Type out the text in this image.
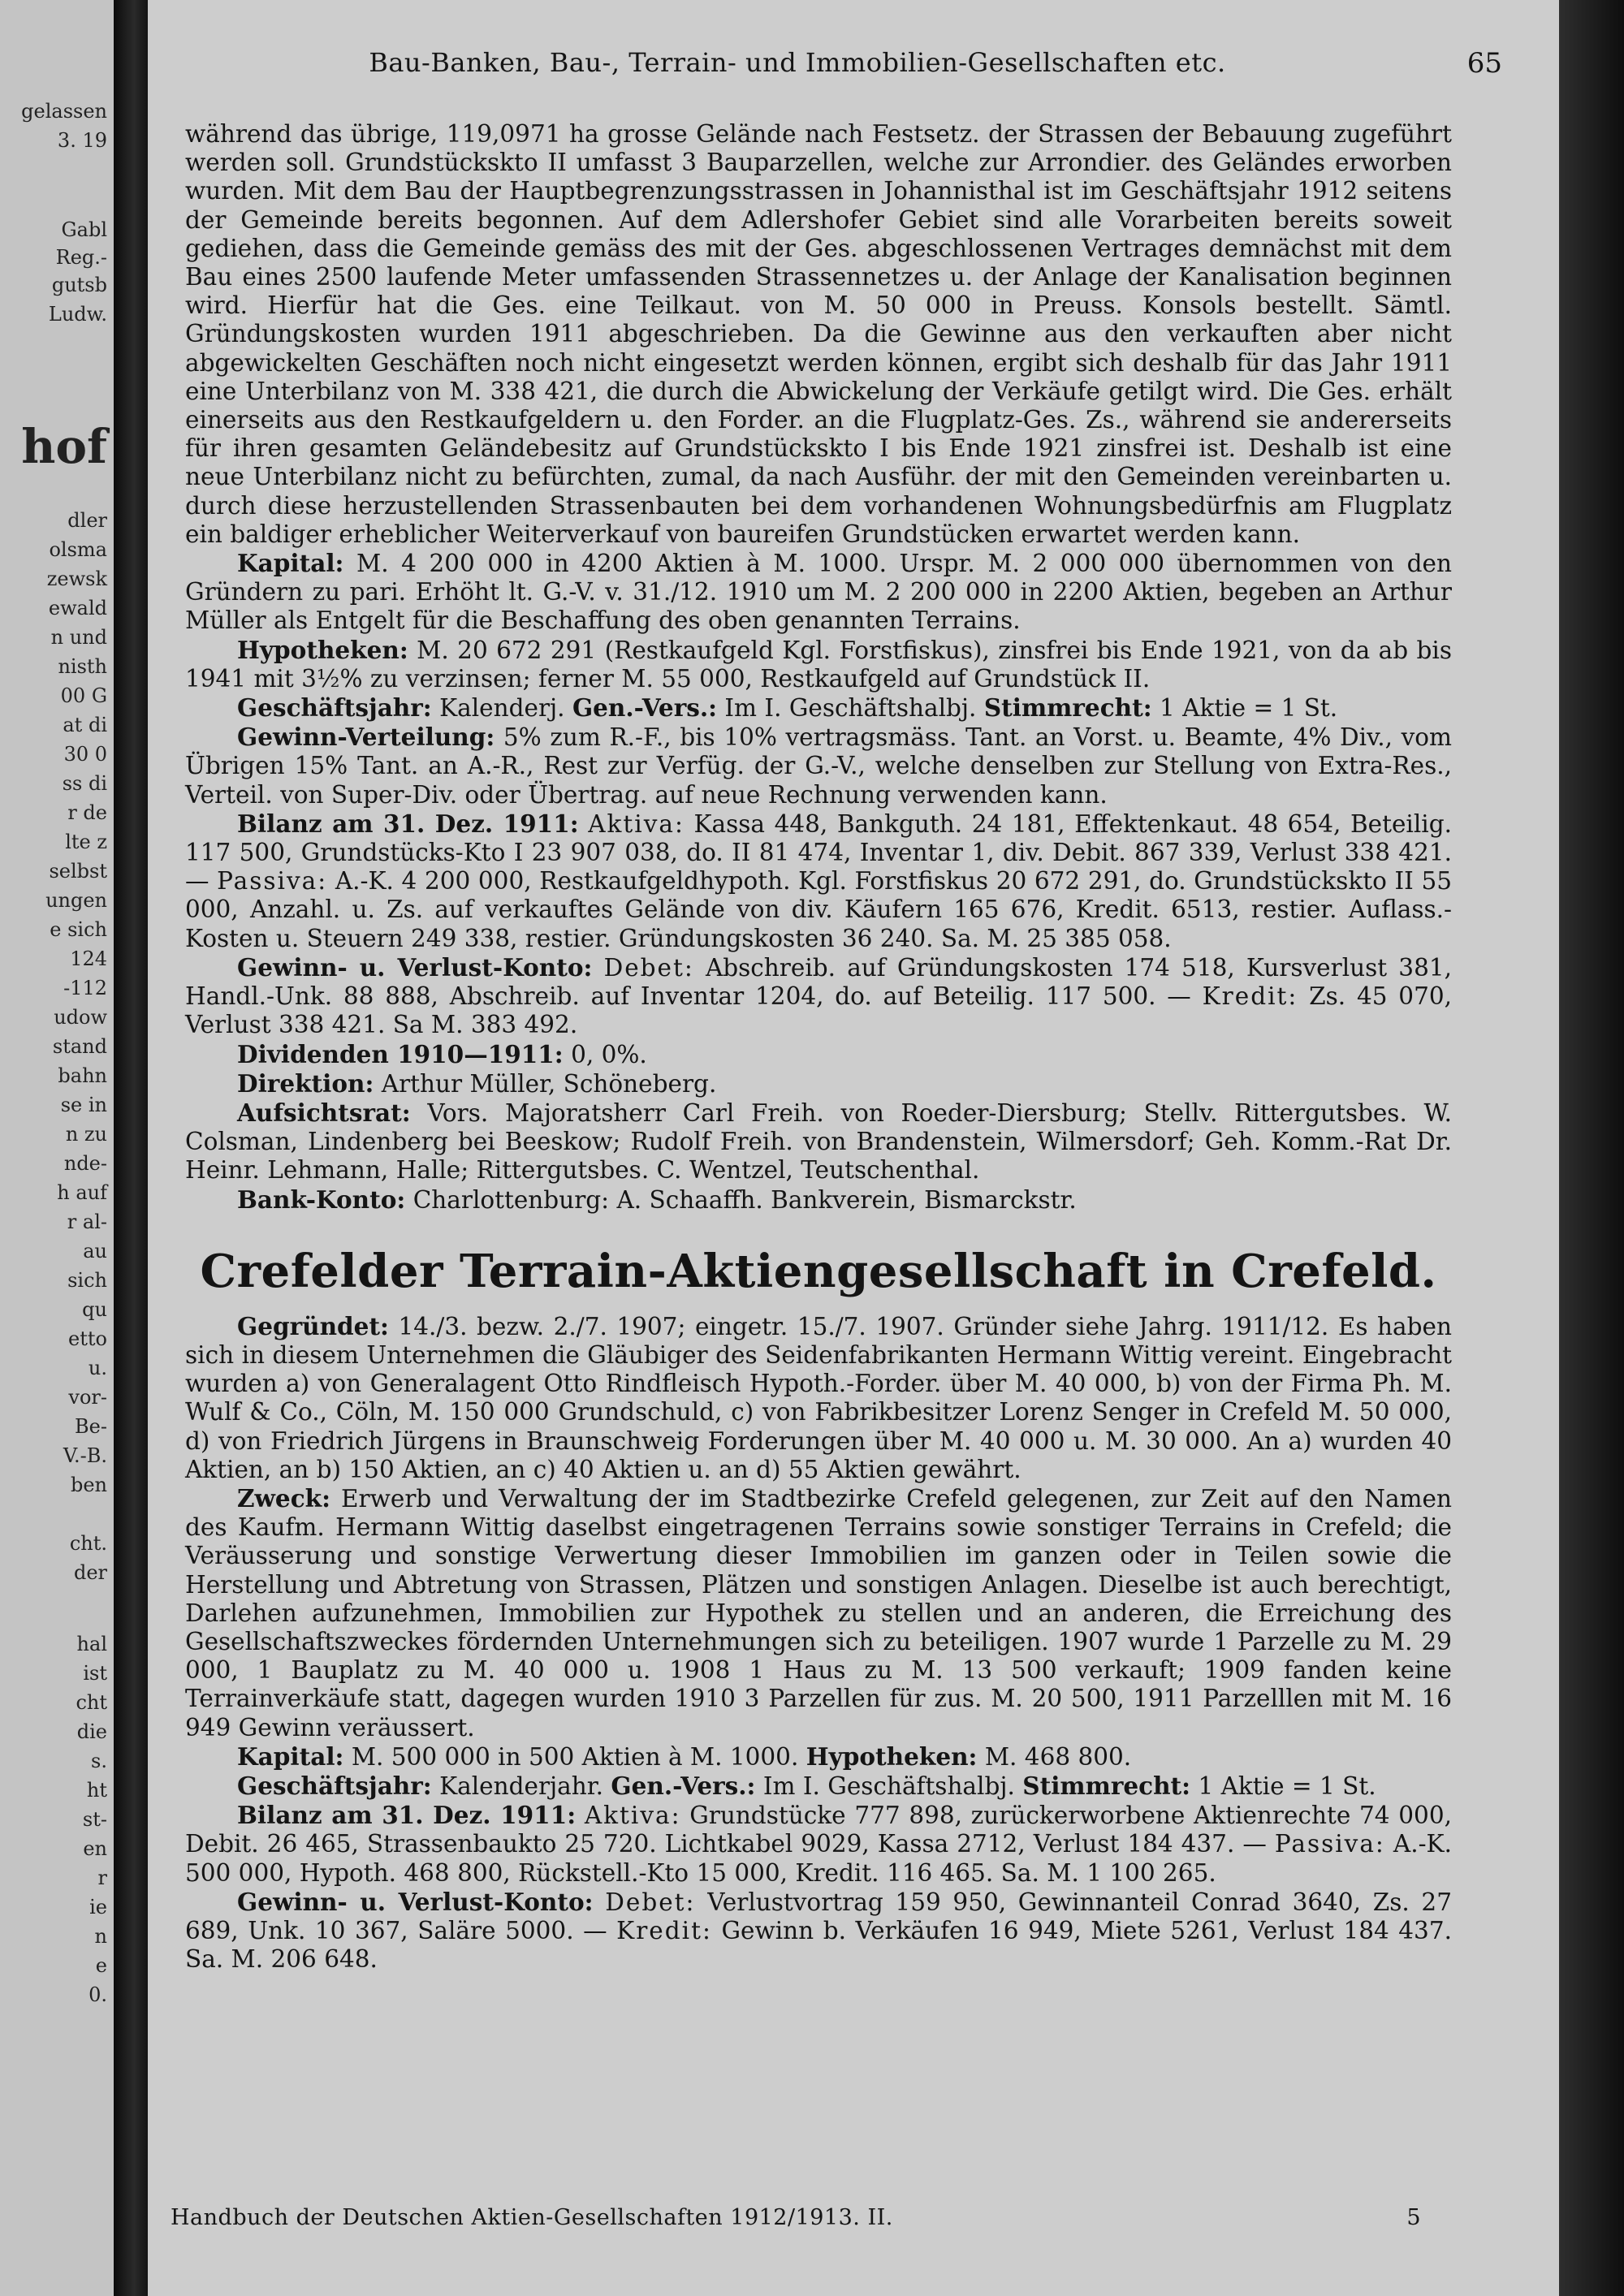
gelassen
3. 19
Gabl
Reg.-
gutsb
Ludw.
hof
dler
olsma
zewsk
ewald
n und
nisth
00 G
at di
30 0
ss di
r de
lte z
selbst
ungen
e sich
124
-112
udow
stand
bahn
se in
n zu
nde-
h auf
r al-
au
sich
qu
etto
u.
vor-
Be-
V.-B.
ben
cht.
der
hal
ist
cht
die
s.
ht
st-
en
r
ie
n
e
0.
Bau-Banken, Bau-, Terrain- und Immobilien-Gesellschaften etc.	65

während das übrige, 119,0971 ha grosse Gelände nach Festsetz. der Strassen der Bebauung zugeführt werden soll. Grundstückskto II umfasst 3 Bauparzellen, welche zur Arrondier. des Geländes erworben wurden. Mit dem Bau der Hauptbegrenzungsstrassen in Johannisthal ist im Geschäftsjahr 1912 seitens der Gemeinde bereits begonnen. Auf dem Adlershofer Gebiet sind alle Vorarbeiten bereits soweit gediehen, dass die Gemeinde gemäss des mit der Ges. abgeschlossenen Vertrages demnächst mit dem Bau eines 2500 laufende Meter umfassenden Strassennetzes u. der Anlage der Kanalisation beginnen wird. Hierfür hat die Ges. eine Teilkaut. von M. 50 000 in Preuss. Konsols bestellt. Sämtl. Gründungskosten wurden 1911 abgeschrieben. Da die Gewinne aus den verkauften aber nicht abgewickelten Geschäften noch nicht eingesetzt werden können, ergibt sich deshalb für das Jahr 1911 eine Unterbilanz von M. 338 421, die durch die Abwickelung der Verkäufe getilgt wird. Die Ges. erhält einerseits aus den Restkaufgeldern u. den Forder. an die Flugplatz-Ges. Zs., während sie andererseits für ihren gesamten Geländebesitz auf Grundstückskto I bis Ende 1921 zinsfrei ist. Deshalb ist eine neue Unterbilanz nicht zu befürchten, zumal, da nach Ausführ. der mit den Gemeinden vereinbarten u. durch diese herzustellenden Strassenbauten bei dem vorhandenen Wohnungsbedürfnis am Flugplatz ein baldiger erheblicher Weiterverkauf von baureifen Grundstücken erwartet werden kann.

Kapital: M. 4 200 000 in 4200 Aktien à M. 1000. Urspr. M. 2 000 000 übernommen von den Gründern zu pari. Erhöht lt. G.-V. v. 31./12. 1910 um M. 2 200 000 in 2200 Aktien, begeben an Arthur Müller als Entgelt für die Beschaffung des oben genannten Terrains.

Hypotheken: M. 20 672 291 (Restkaufgeld Kgl. Forstfiskus), zinsfrei bis Ende 1921, von da ab bis 1941 mit 3½% zu verzinsen; ferner M. 55 000, Restkaufgeld auf Grundstück II.

Geschäftsjahr: Kalenderj. Gen.-Vers.: Im I. Geschäftshalbj. Stimmrecht: 1 Aktie = 1 St.

Gewinn-Verteilung: 5% zum R.-F., bis 10% vertragsmäss. Tant. an Vorst. u. Beamte, 4% Div., vom Übrigen 15% Tant. an A.-R., Rest zur Verfüg. der G.-V., welche denselben zur Stellung von Extra-Res., Verteil. von Super-Div. oder Übertrag. auf neue Rechnung verwenden kann.

Bilanz am 31. Dez. 1911: Aktiva: Kassa 448, Bankguth. 24 181, Effektenkaut. 48 654, Beteilig. 117 500, Grundstücks-Kto I 23 907 038, do. II 81 474, Inventar 1, div. Debit. 867 339, Verlust 338 421. — Passiva: A.-K. 4 200 000, Restkaufgeldhypoth. Kgl. Forstfiskus 20 672 291, do. Grundstückskto II 55 000, Anzahl. u. Zs. auf verkauftes Gelände von div. Käufern 165 676, Kredit. 6513, restier. Auflass.-Kosten u. Steuern 249 338, restier. Gründungskosten 36 240. Sa. M. 25 385 058.

Gewinn- u. Verlust-Konto: Debet: Abschreib. auf Gründungskosten 174 518, Kursverlust 381, Handl.-Unk. 88 888, Abschreib. auf Inventar 1204, do. auf Beteilig. 117 500. — Kredit: Zs. 45 070, Verlust 338 421. Sa M. 383 492.

Dividenden 1910—1911: 0, 0%.

Direktion: Arthur Müller, Schöneberg.

Aufsichtsrat: Vors. Majoratsherr Carl Freih. von Roeder-Diersburg; Stellv. Rittergutsbes. W. Colsman, Lindenberg bei Beeskow; Rudolf Freih. von Brandenstein, Wilmersdorf; Geh. Komm.-Rat Dr. Heinr. Lehmann, Halle; Rittergutsbes. C. Wentzel, Teutschenthal.

Bank-Konto: Charlottenburg: A. Schaaffh. Bankverein, Bismarckstr.

Crefelder Terrain-Aktiengesellschaft in Crefeld.

Gegründet: 14./3. bezw. 2./7. 1907; eingetr. 15./7. 1907. Gründer siehe Jahrg. 1911/12. Es haben sich in diesem Unternehmen die Gläubiger des Seidenfabrikanten Hermann Wittig vereint. Eingebracht wurden a) von Generalagent Otto Rindfleisch Hypoth.-Forder. über M. 40 000, b) von der Firma Ph. M. Wulf & Co., Cöln, M. 150 000 Grundschuld, c) von Fabrikbesitzer Lorenz Senger in Crefeld M. 50 000, d) von Friedrich Jürgens in Braunschweig Forderungen über M. 40 000 u. M. 30 000. An a) wurden 40 Aktien, an b) 150 Aktien, an c) 40 Aktien u. an d) 55 Aktien gewährt.

Zweck: Erwerb und Verwaltung der im Stadtbezirke Crefeld gelegenen, zur Zeit auf den Namen des Kaufm. Hermann Wittig daselbst eingetragenen Terrains sowie sonstiger Terrains in Crefeld; die Veräusserung und sonstige Verwertung dieser Immobilien im ganzen oder in Teilen sowie die Herstellung und Abtretung von Strassen, Plätzen und sonstigen Anlagen. Dieselbe ist auch berechtigt, Darlehen aufzunehmen, Immobilien zur Hypothek zu stellen und an anderen, die Erreichung des Gesellschaftszweckes fördernden Unternehmungen sich zu beteiligen. 1907 wurde 1 Parzelle zu M. 29 000, 1 Bauplatz zu M. 40 000 u. 1908 1 Haus zu M. 13 500 verkauft; 1909 fanden keine Terrainverkäufe statt, dagegen wurden 1910 3 Parzellen für zus. M. 20 500, 1911 Parzelllen mit M. 16 949 Gewinn veräussert.

Kapital: M. 500 000 in 500 Aktien à M. 1000. Hypotheken: M. 468 800.

Geschäftsjahr: Kalenderjahr. Gen.-Vers.: Im I. Geschäftshalbj. Stimmrecht: 1 Aktie = 1 St.

Bilanz am 31. Dez. 1911: Aktiva: Grundstücke 777 898, zurückerworbene Aktienrechte 74 000, Debit. 26 465, Strassenbaukto 25 720. Lichtkabel 9029, Kassa 2712, Verlust 184 437. — Passiva: A.-K. 500 000, Hypoth. 468 800, Rückstell.-Kto 15 000, Kredit. 116 465. Sa. M. 1 100 265.

Gewinn- u. Verlust-Konto: Debet: Verlustvortrag 159 950, Gewinnanteil Conrad 3640, Zs. 27 689, Unk. 10 367, Saläre 5000. — Kredit: Gewinn b. Verkäufen 16 949, Miete 5261, Verlust 184 437. Sa. M. 206 648.

Handbuch der Deutschen Aktien-Gesellschaften 1912/1913. II.	5
